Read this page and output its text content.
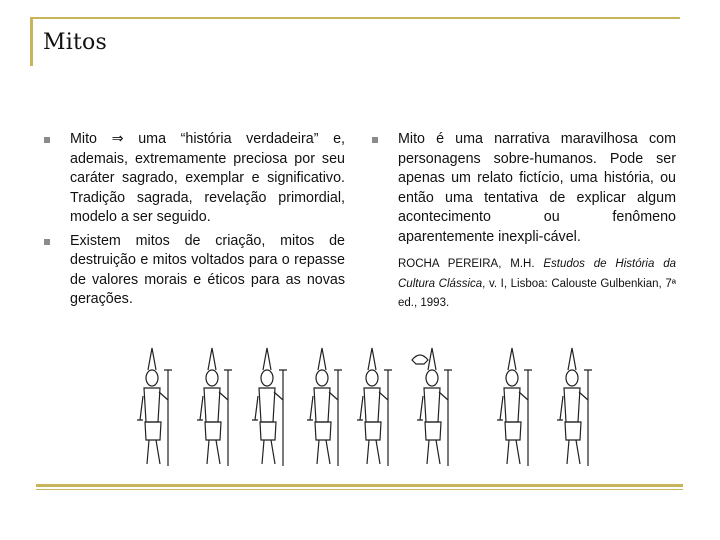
Mitos
Mito ⇒ uma “história verdadeira” e, ademais, extremamente preciosa por seu caráter sagrado, exemplar e significativo. Tradição sagrada, revelação primordial, modelo a ser seguido.
Existem mitos de criação, mitos de destruição e mitos voltados para o repasse de valores morais e éticos para as novas gerações.
Mito é uma narrativa maravilhosa com personagens sobre-humanos. Pode ser apenas um relato fictício, uma história, ou então uma tentativa de explicar algum acontecimento ou fenômeno aparentemente inexpli-cável.
ROCHA PEREIRA, M.H. Estudos de História da Cultura Clássica, v. I, Lisboa: Calouste Gulbenkian, 7ª ed., 1993.
